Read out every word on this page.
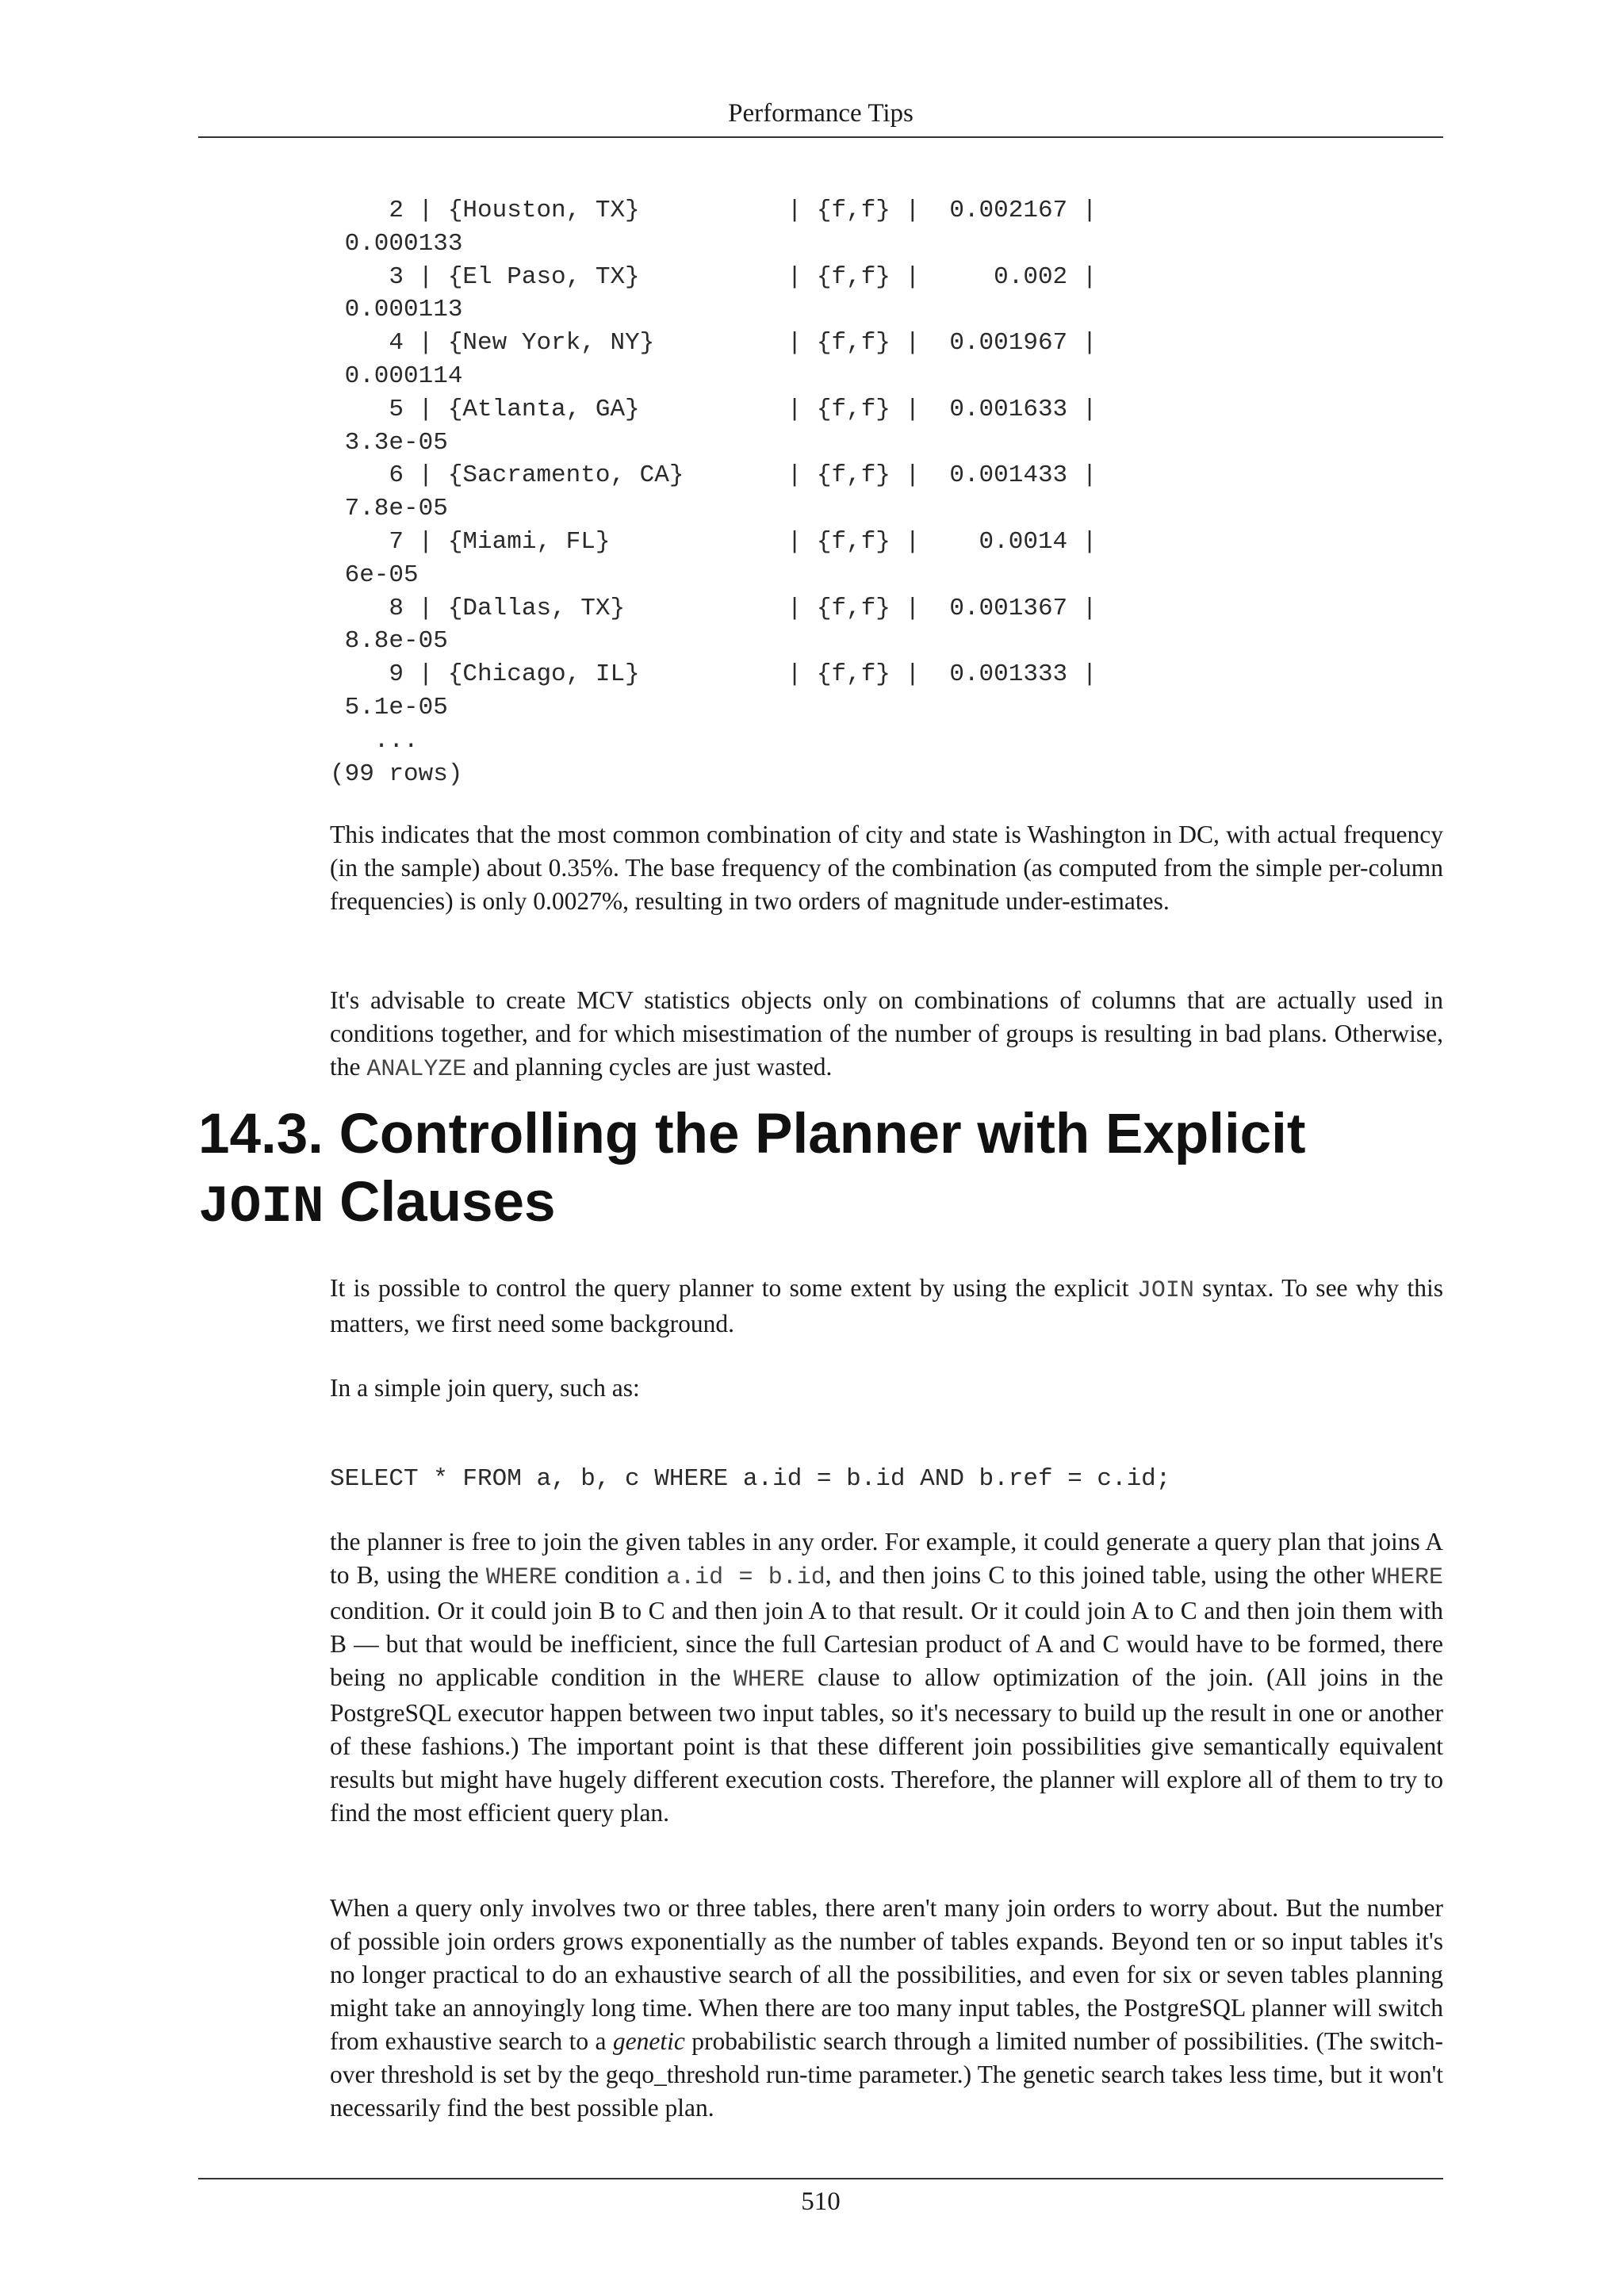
Performance Tips
2 | {Houston, TX}          | {f,f} |  0.002167 |
0.000133
3 | {El Paso, TX}          | {f,f} |     0.002 |
0.000113
4 | {New York, NY}         | {f,f} |  0.001967 |
0.000114
5 | {Atlanta, GA}          | {f,f} |  0.001633 |
3.3e-05
6 | {Sacramento, CA}       | {f,f} |  0.001433 |
7.8e-05
7 | {Miami, FL}            | {f,f} |    0.0014 |
6e-05
8 | {Dallas, TX}           | {f,f} |  0.001367 |
8.8e-05
9 | {Chicago, IL}          | {f,f} |  0.001333 |
5.1e-05
...
(99 rows)

This indicates that the most common combination of city and state is Washington in DC, with actual frequency (in the sample) about 0.35%. The base frequency of the combination (as computed from the simple per-column frequencies) is only 0.0027%, resulting in two orders of magnitude under-estimates.

It's advisable to create MCV statistics objects only on combinations of columns that are actually used in conditions together, and for which misestimation of the number of groups is resulting in bad plans. Otherwise, the ANALYZE and planning cycles are just wasted.

14.3. Controlling the Planner with Explicit
JOIN Clauses

It is possible to control the query planner to some extent by using the explicit JOIN syntax. To see why this matters, we first need some background.

In a simple join query, such as:

SELECT * FROM a, b, c WHERE a.id = b.id AND b.ref = c.id;

the planner is free to join the given tables in any order. For example, it could generate a query plan that joins A to B, using the WHERE condition a.id = b.id, and then joins C to this joined table, using the other WHERE condition. Or it could join B to C and then join A to that result. Or it could join A to C and then join them with B — but that would be inefficient, since the full Cartesian product of A and C would have to be formed, there being no applicable condition in the WHERE clause to allow optimization of the join. (All joins in the PostgreSQL executor happen between two input tables, so it's necessary to build up the result in one or another of these fashions.) The important point is that these different join possibilities give semantically equivalent results but might have hugely different execution costs. Therefore, the planner will explore all of them to try to find the most efficient query plan.

When a query only involves two or three tables, there aren't many join orders to worry about. But the number of possible join orders grows exponentially as the number of tables expands. Beyond ten or so input tables it's no longer practical to do an exhaustive search of all the possibilities, and even for six or seven tables planning might take an annoyingly long time. When there are too many input tables, the PostgreSQL planner will switch from exhaustive search to a genetic probabilistic search through a limited number of possibilities. (The switch-over threshold is set by the geqo_threshold run-time parameter.) The genetic search takes less time, but it won't necessarily find the best possible plan.

510
